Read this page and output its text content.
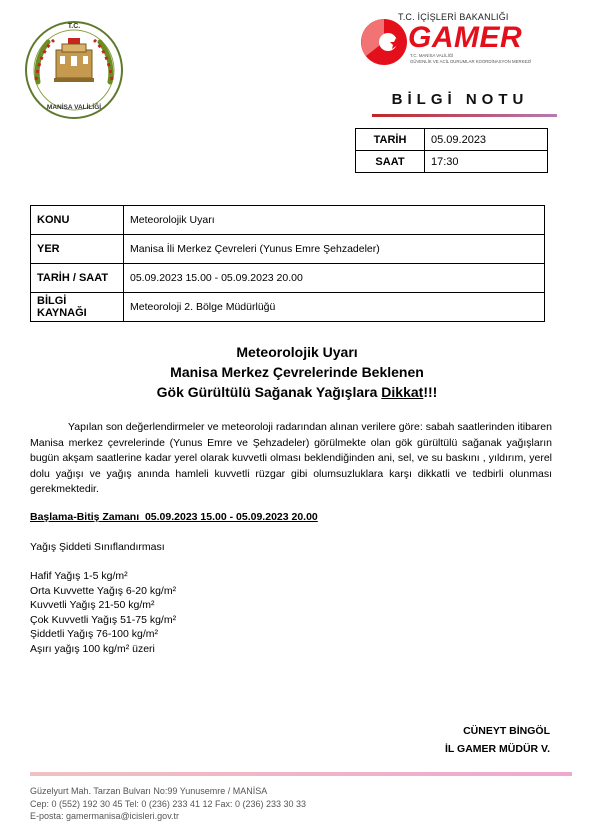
T.C.
MANİSA VALİLİĞİ
T.C. İÇİŞLERİ BAKANLIĞI
GAMER
T.C. MANİSA VALİLİĞİ
GÜVENLİK VE ACİL DURUMLAR KOORDİNASYON MERKEZİ
BİLGİ NOTU
TARİH	05.09.2023
SAAT	17:30
KONU	Meteorolojik Uyarı
YER	Manisa İli Merkez Çevreleri (Yunus Emre Şehzadeler)
TARİH / SAAT	05.09.2023 15.00 - 05.09.2023 20.00
BİLGİ KAYNAĞI	Meteoroloji 2. Bölge Müdürlüğü
Meteorolojik Uyarı
Manisa Merkez Çevrelerinde Beklenen
Gök Gürültülü Sağanak Yağışlara Dikkat!!!
Yapılan son değerlendirmeler ve meteoroloji radarından alınan verilere göre: sabah saatlerinden itibaren Manisa merkez çevrelerinde (Yunus Emre ve Şehzadeler) görülmekte olan gök gürültülü sağanak yağışların bugün akşam saatlerine kadar yerel olarak kuvvetli olması beklendiğinden ani, sel, ve su baskını , yıldırım, yerel dolu yağışı ve yağış anında hamleli kuvvetli rüzgar gibi olumsuzluklara karşı dikkatli ve tedbirli olunması gerekmektedir.
Başlama-Bitiş Zamanı  05.09.2023 15.00 - 05.09.2023 20.00
Yağış Şiddeti Sınıflandırması
Hafif Yağış 1-5 kg/m²
Orta Kuvvette Yağış 6-20 kg/m²
Kuvvetli Yağış 21-50 kg/m²
Çok Kuvvetli Yağış 51-75 kg/m²
Şiddetli Yağış 76-100 kg/m²
Aşırı yağış 100 kg/m² üzeri
CÜNEYT BİNGÖL
İL GAMER MÜDÜR V.
Güzelyurt Mah. Tarzan Bulvarı No:99 Yunusemre / MANİSA
Cep: 0 (552) 192 30 45 Tel: 0 (236) 233 41 12 Fax: 0 (236) 233 30 33
E-posta: gamermanisa@icisleri.gov.tr
